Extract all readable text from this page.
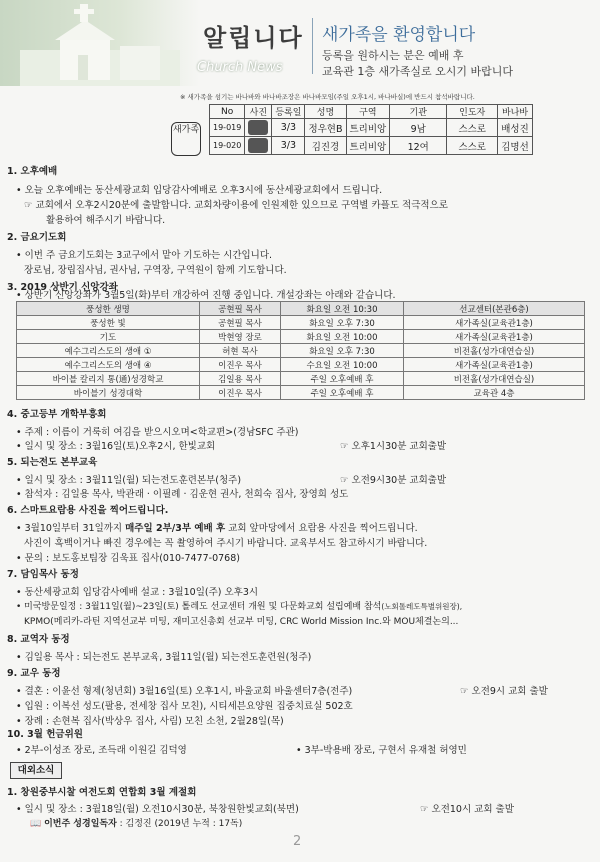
알립니다
Church News
새가족을 환영합니다
등록을 원하시는 분은 예배 후
교육관 1층 새가족실로 오시기 바랍니다
※ 새가족을 섬기는 바나바와 바나바조장은 바나바모임(주일 오후1시, 바나바실)에 반드시 참석바랍니다.
새가족
No	사진	등록일	성명	구역	기관	인도자	바나바
19-019		3/3	정우현B	트리비앙	9남	스스로	배성진
19-020		3/3	김진경	트리비앙	12여	스스로	김명선
1. 오후예배
• 오늘 오후예배는 동산세광교회 입당감사예배로 오후3시에 동산세광교회에서 드립니다.
☞ 교회에서 오후2시20분에 출발합니다. 교회차량이용에 인원제한 있으므로 구역별 카플도 적극적으로
활용하여 해주시기 바랍니다.
2. 금요기도회
• 이번 주 금요기도회는 3교구에서 맡아 기도하는 시간입니다.
장로님, 장립집사님, 권사님, 구역장, 구역원이 함께 기도합니다.
3. 2019 상반기 신앙강좌
• 상반기 신앙강좌가 3월5일(화)부터 개강하여 진행 중입니다. 개설강좌는 아래와 같습니다.
풍성한 생명	공현필 목사	화요일 오전 10:30	선교센터(본관6층)
풍성한 빛	공현필 목사	화요일 오후 7:30	새가족실(교육관1층)
기도	박현영 장로	화요일 오전 10:00	새가족실(교육관1층)
예수그리스도의 생애 ①	허현 목사	화요일 오후 7:30	비전홀(성가대연습실)
예수그리스도의 생애 ④	이진우 목사	수요일 오전 10:00	새가족실(교육관1층)
바이블 칼리지 통(通)성경학교	김일용 목사	주일 오후예배 후	비전홀(성가대연습실)
바이블기 성경대학	이진우 목사	주일 오후예배 후	교육관 4층
4. 중고등부 개학부흥회
• 주제 : 이름이 거룩히 여김을 받으시오며<학교편>(경남SFC 주관)
• 일시 및 장소 : 3월16일(토)오후2시, 한빛교회	☞ 오후1시30분 교회출발
5. 되는전도 본부교육
• 일시 및 장소 : 3월11일(월) 되는전도훈련본부(청주)	☞ 오전9시30분 교회출발
• 참석자 : 김일용 목사, 박관래 · 이필례 · 김운현 권사, 천희숙 집사, 장영희 성도
6. 스마트요람용 사진을 찍어드립니다.
• 3월10일부터 31일까지 매주일 2부/3부 예배 후 교회 앞마당에서 요람용 사진을 찍어드립니다.
사진이 흑백이거나 빠진 경우에는 꼭 촬영하여 주시기 바랍니다. 교육부서도 참고하시기 바랍니다.
• 문의 : 보도홍보팀장 김욱표 집사(010-7477-0768)
7. 담임목사 동정
• 동산세광교회 입당감사예배 설교 : 3월10일(주) 오후3시
• 미국방문일정 : 3월11일(월)~23일(토) 톨레도 선교센터 개원 및 다문화교회 설립예배 참석(노회톨레도특별위원장),
KPMO(메리카-라틴 지역선교부 미팅, 재미고신총회 선교부 미팅, CRC World Mission Inc.와 MOU체결논의...
8. 교역자 동정
• 김일용 목사 : 되는전도 본부교육, 3월11일(월) 되는전도훈련원(청주)
9. 교우 동정
• 결혼 : 이윤선 형제(청년회) 3월16일(토) 오후1시, 바울교회 바울센터7층(전주)	☞ 오전9시 교회 출발
• 입원 : 이복선 성도(팔용, 전세창 집사 모친), 시티세븐요양원 집중치료실 502호
• 장례 : 손현복 집사(박상우 집사, 사림) 모친 소천, 2월28일(목)
10. 3월 헌금위원
• 2부-이성조 장로, 조득래 이원길 김덕영	• 3부-박용배 장로, 구현서 유재철 허영민
대외소식
1. 창원중부시찰 여전도회 연합회 3월 계절회
• 일시 및 장소 : 3월18일(월) 오전10시30분, 북창원한빛교회(북면)	☞ 오전10시 교회 출발
📖 이번주 성경일독자 : 김정진 (2019년 누적 : 17독)
2
